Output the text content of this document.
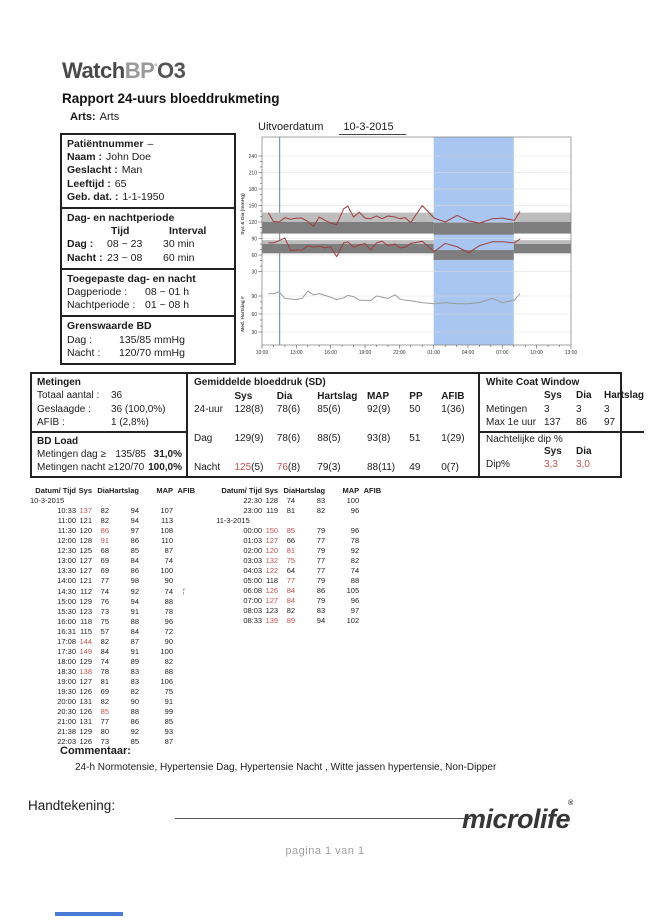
WatchBP°O3
Rapport 24-uurs bloeddrukmeting
Arts: Arts
Uitvoerdatum 10-3-2015
Patiëntnummer –
Naam : John Doe
Geslacht : Man
Leeftijd : 65
Geb. dat. : 1-1-1950
Dag- en nachtperiode
Tijd	Interval
Dag :	08 ~ 23	30 min
Nacht : 23 ~ 08	60 min
Toegepaste dag- en nacht
Dagperiode :	08 ~ 01 h
Nachtperiode : 01 ~ 08 h
Grenswaarde BD
Dag :	135/85 mmHg
Nacht :	120/70 mmHg
240
210
180
150
120
90
60
30
90
60
30
10:00	13:00	16:00	19:00	22:00	01:00	04:00	07:00	10:00	13:00
Sys & Dia (mmHg)
Med. Hartslag #
Metingen
Totaal aantal :	36
Geslaagde :	36 (100,0%)
AFIB :	1 (2,8%)
BD Load
Metingen dag ≥ 135/85 31,0%
Metingen nacht ≥ 120/70 100,0%
Gemiddelde bloeddruk (SD)
Sys	Dia	Hartslag MAP	PP	AFIB
24-uur	128(8)	78(6)	85(6)	92(9)	50	1(36)
Dag	129(9)	78(6)	88(5)	93(8)	51	1(29)
Nacht	125(5)	76(8)	79(3)	88(11)	49	0(7)
White Coat Window
Sys	Dia	Hartslag
Metingen	3	3	3
Max 1e uur 137	86	97
Nachtelijke dip %
Sys	Dia
Dip%	3,3	3,0
Datum/ Tijd	Sys	Dia	Hartslag	MAP	AFIB
10-3-2015					
10:33	137	82	94	107	
11:00	121	82	94	113	
11:30	120	86	97	108	
12:00	128	91	86	110	
12:30	125	68	85	87	
13:00	127	69	84	74	
13:30	127	69	86	100	
14:00	121	77	98	90	
14:30	112	74	92	74	¦'
15:00	129	76	94	88	
15:30	123	73	91	78	
16:00	118	75	88	96	
16:31	115	57	84	72	
17:08	144	82	87	90	
17:30	149	84	91	100	
18:00	129	74	89	82	
18:30	138	78	83	88	
19:00	127	81	83	106	
19:30	126	69	82	75	
20:00	131	82	90	91	
20:30	126	85	88	99	
21:00	131	77	86	85	
21:38	129	80	92	93	
22:03	126	73	85	87	

Datum/ Tijd	Sys	Dia	Hartslag	MAP	AFIB
22:30	128	74	83	100	
23:00	119	81	82	96	
11-3-2015					
00:00	150	85	79	96	
01:03	127	66	77	78	
02:00	120	81	79	92	
03:03	132	75	77	82	
04:03	122	64	77	74	
05:00	118	77	79	88	
06:08	126	84	86	105	
07:00	127	84	79	96	
08:03	123	82	83	97	
08:33	139	89	94	102	
Commentaar:
24-h Normotensie, Hypertensie Dag, Hypertensie Nacht , Witte jassen hypertensie, Non-Dipper
Handtekening:	microlife®
pagina 1 van 1
